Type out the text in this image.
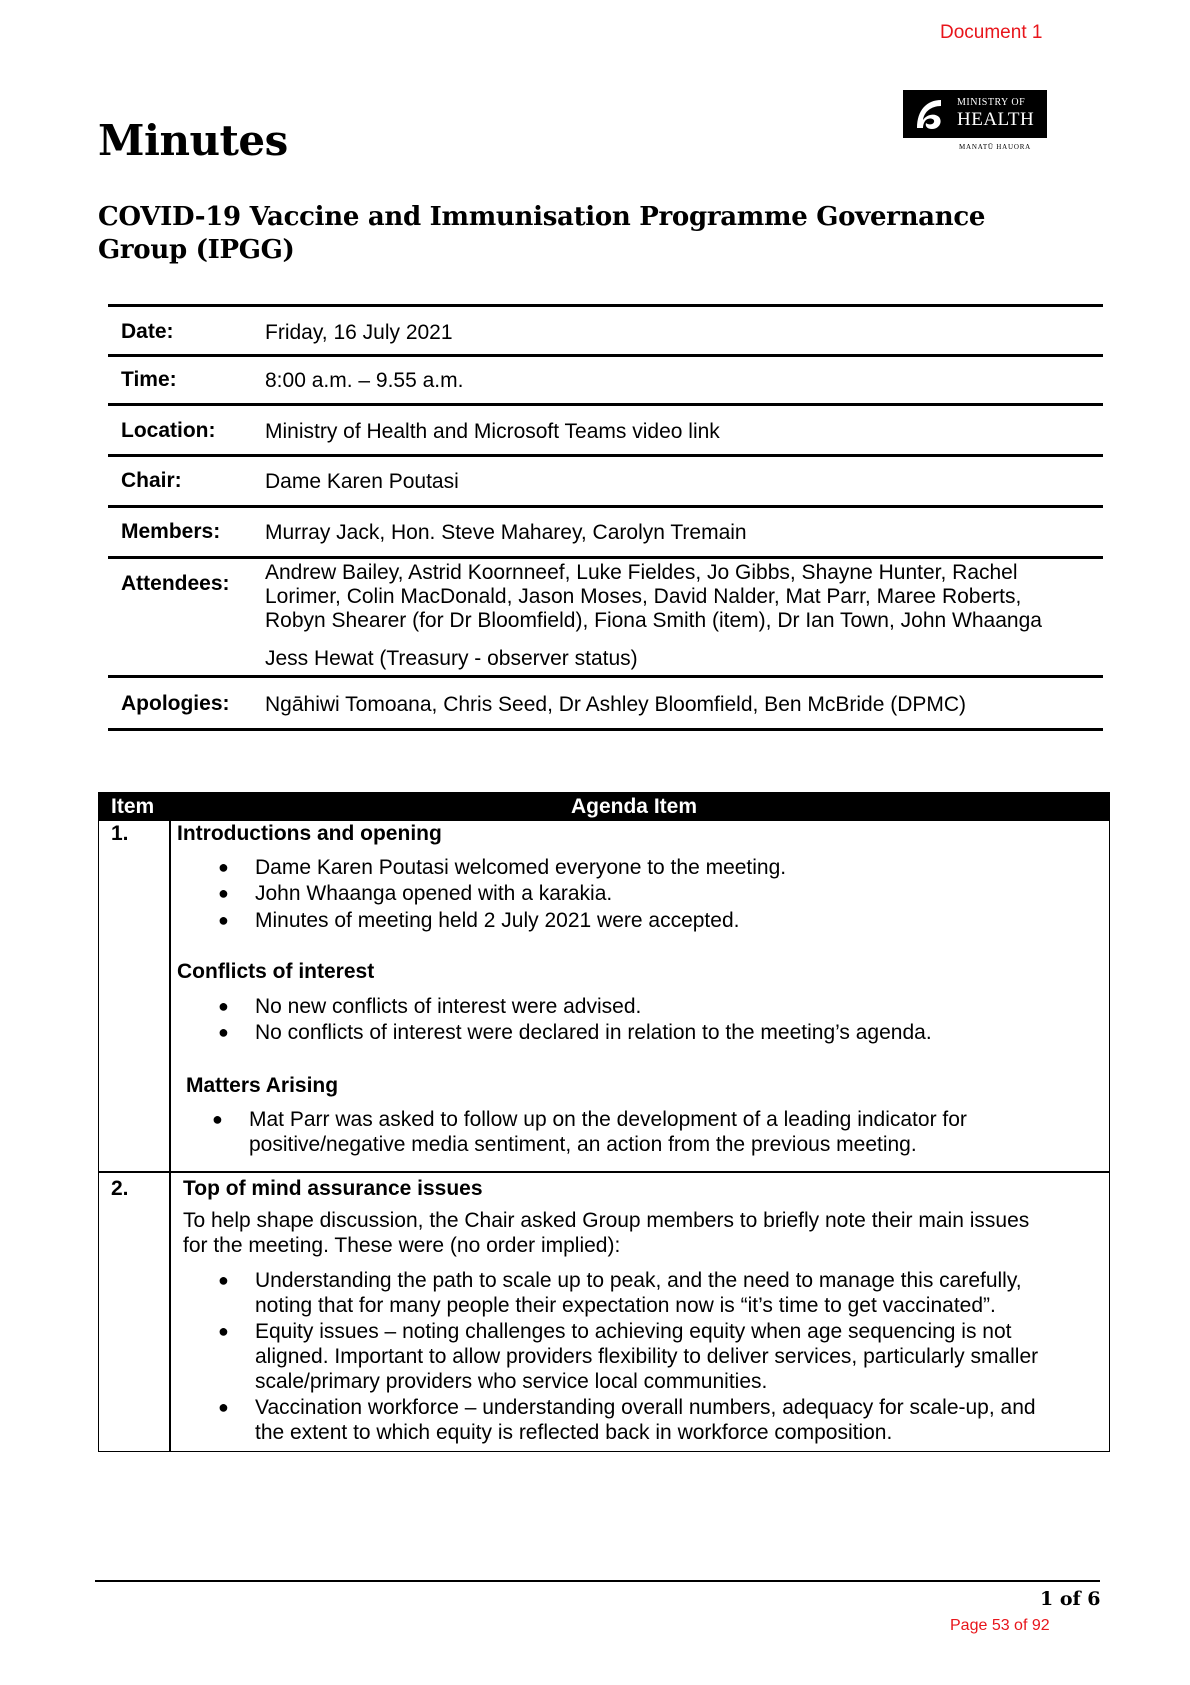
Document 1
MINISTRY OF
HEALTH
MANATŪ HAUORA
Minutes
COVID-19 Vaccine and Immunisation Programme Governance Group (IPGG)
Date:	Friday, 16 July 2021
Time:	8:00 a.m. – 9.55 a.m.
Location: Ministry of Health and Microsoft Teams video link
Chair:	Dame Karen Poutasi
Members: Murray Jack, Hon. Steve Maharey, Carolyn Tremain
Attendees: Andrew Bailey, Astrid Koornneef, Luke Fieldes, Jo Gibbs, Shayne Hunter, Rachel
Lorimer, Colin MacDonald, Jason Moses, David Nalder, Mat Parr, Maree Roberts,
Robyn Shearer (for Dr Bloomfield), Fiona Smith (item), Dr Ian Town, John Whaanga
Jess Hewat (Treasury - observer status)
Apologies: Ngāhiwi Tomoana, Chris Seed, Dr Ashley Bloomfield, Ben McBride (DPMC)
Item	Agenda Item
1. Introductions and opening
● Dame Karen Poutasi welcomed everyone to the meeting.
● John Whaanga opened with a karakia.
● Minutes of meeting held 2 July 2021 were accepted.
Conflicts of interest
● No new conflicts of interest were advised.
● No conflicts of interest were declared in relation to the meeting’s agenda.
Matters Arising
● Mat Parr was asked to follow up on the development of a leading indicator for
positive/negative media sentiment, an action from the previous meeting.
2.	Top of mind assurance issues
To help shape discussion, the Chair asked Group members to briefly note their main issues
for the meeting. These were (no order implied):
● Understanding the path to scale up to peak, and the need to manage this carefully,
noting that for many people their expectation now is “it’s time to get vaccinated”.
● Equity issues – noting challenges to achieving equity when age sequencing is not
aligned. Important to allow providers flexibility to deliver services, particularly smaller
scale/primary providers who service local communities.
● Vaccination workforce – understanding overall numbers, adequacy for scale-up, and
the extent to which equity is reflected back in workforce composition.
1 of 6
Page 53 of 92
